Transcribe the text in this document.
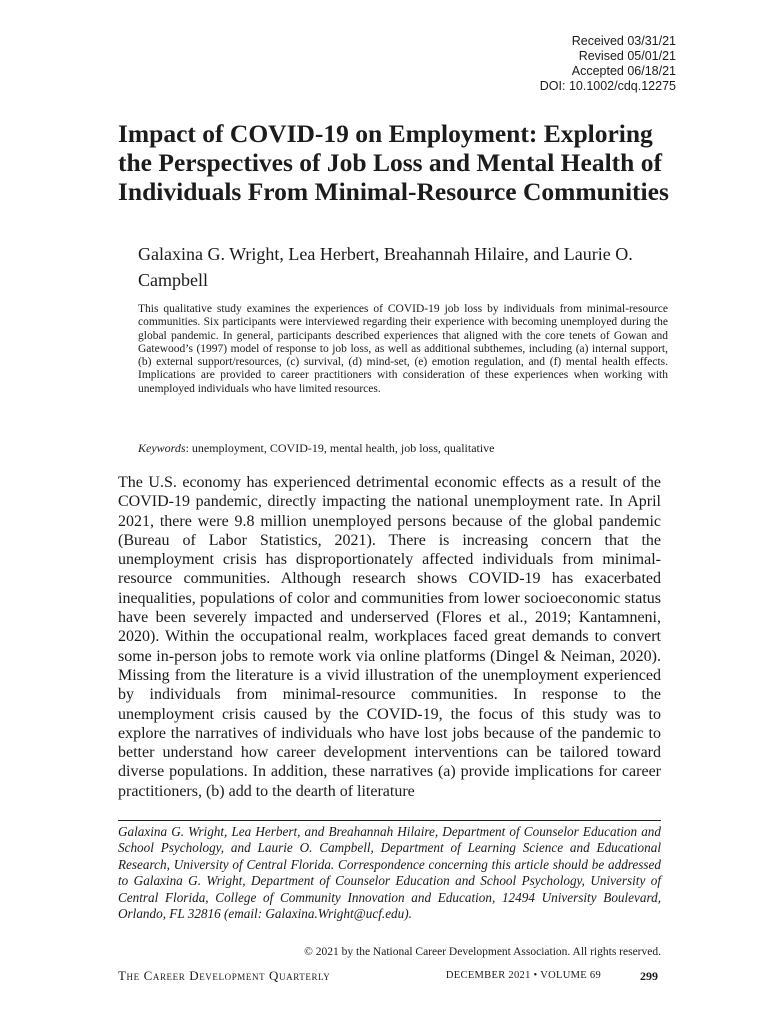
Received 03/31/21
Revised 05/01/21
Accepted 06/18/21
DOI: 10.1002/cdq.12275
Impact of COVID-19 on Employment: Exploring the Perspectives of Job Loss and Mental Health of Individuals From Minimal-Resource Communities

Galaxina G. Wright, Lea Herbert, Breahannah Hilaire, and Laurie O. Campbell

This qualitative study examines the experiences of COVID-19 job loss by individuals from minimal-resource communities. Six participants were interviewed regarding their experience with becoming unemployed during the global pandemic. In general, participants described experiences that aligned with the core tenets of Gowan and Gatewood’s (1997) model of response to job loss, as well as additional subthemes, including (a) internal support, (b) external support/resources, (c) survival, (d) mind-set, (e) emotion regulation, and (f) mental health effects. Implications are provided to career practitioners with consideration of these experiences when working with unemployed individuals who have limited resources.

Keywords: unemployment, COVID-19, mental health, job loss, qualitative

The U.S. economy has experienced detrimental economic effects as a result of the COVID-19 pandemic, directly impacting the national unemployment rate. In April 2021, there were 9.8 million unemployed persons because of the global pandemic (Bureau of Labor Statistics, 2021). There is increasing concern that the unemployment crisis has disproportionately affected individuals from minimal-resource communities. Although research shows COVID-19 has exacerbated inequalities, populations of color and communities from lower socioeconomic status have been severely impacted and underserved (Flores et al., 2019; Kantamneni, 2020). Within the occupational realm, workplaces faced great demands to convert some in-person jobs to remote work via online platforms (Dingel & Neiman, 2020). Missing from the literature is a vivid illustration of the unemployment experienced by individuals from minimal-resource communities. In response to the unemployment crisis caused by the COVID-19, the focus of this study was to explore the narratives of individuals who have lost jobs because of the pandemic to better understand how career development interventions can be tailored toward diverse populations. In addition, these narratives (a) provide implications for career practitioners, (b) add to the dearth of literature

Galaxina G. Wright, Lea Herbert, and Breahannah Hilaire, Department of Counselor Education and School Psychology, and Laurie O. Campbell, Department of Learning Science and Educational Research, University of Central Florida. Correspondence concerning this article should be addressed to Galaxina G. Wright, Department of Counselor Education and School Psychology, University of Central Florida, College of Community Innovation and Education, 12494 University Boulevard, Orlando, FL 32816 (email: Galaxina.Wright@ucf.edu).

© 2021 by the National Career Development Association. All rights reserved.
The Career Development Quarterly	DECEMBER 2021 • VOLUME 69	299
